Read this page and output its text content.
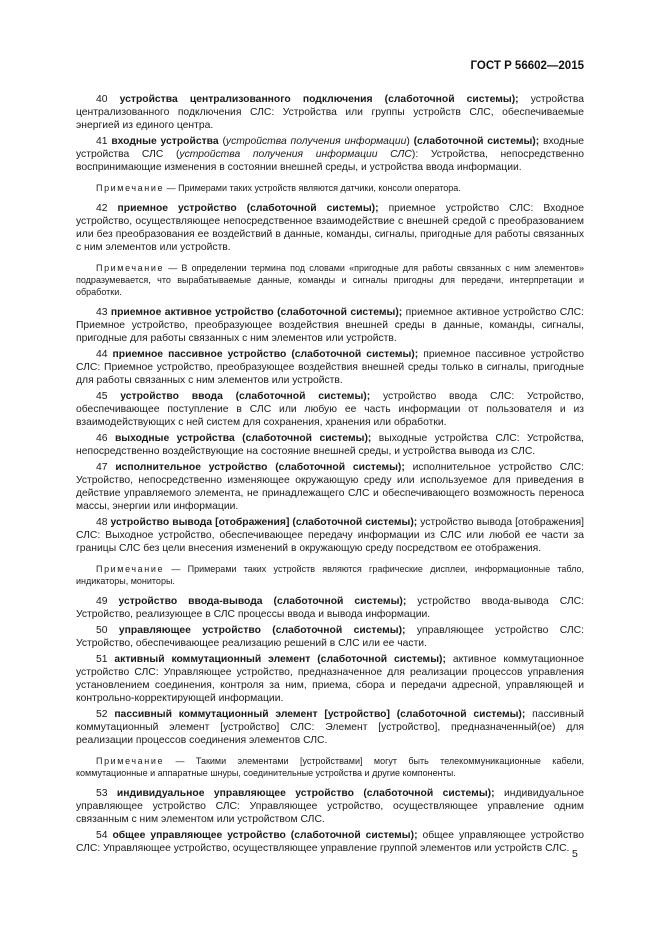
ГОСТ Р 56602—2015

40 устройства централизованного подключения (слаботочной системы); устройства централизованного подключения СЛС: Устройства или группы устройств СЛС, обеспечиваемые энергией из единого центра.

41 входные устройства (устройства получения информации) (слаботочной системы); входные устройства СЛС (устройства получения информации СЛС): Устройства, непосредственно воспринимающие изменения в состоянии внешней среды, и устройства ввода информации.

Примечание — Примерами таких устройств являются датчики, консоли оператора.

42 приемное устройство (слаботочной системы); приемное устройство СЛС: Входное устройство, осуществляющее непосредственное взаимодействие с внешней средой с преобразованием или без преобразования ее воздействий в данные, команды, сигналы, пригодные для работы связанных с ним элементов или устройств.

Примечание — В определении термина под словами «пригодные для работы связанных с ним элементов» подразумевается, что вырабатываемые данные, команды и сигналы пригодны для передачи, интерпретации и обработки.

43 приемное активное устройство (слаботочной системы); приемное активное устройство СЛС: Приемное устройство, преобразующее воздействия внешней среды в данные, команды, сигналы, пригодные для работы связанных с ним элементов или устройств.

44 приемное пассивное устройство (слаботочной системы); приемное пассивное устройство СЛС: Приемное устройство, преобразующее воздействия внешней среды только в сигналы, пригодные для работы связанных с ним элементов или устройств.

45 устройство ввода (слаботочной системы); устройство ввода СЛС: Устройство, обеспечивающее поступление в СЛС или любую ее часть информации от пользователя и из взаимодействующих с ней систем для сохранения, хранения или обработки.

46 выходные устройства (слаботочной системы); выходные устройства СЛС: Устройства, непосредственно воздействующие на состояние внешней среды, и устройства вывода из СЛС.

47 исполнительное устройство (слаботочной системы); исполнительное устройство СЛС: Устройство, непосредственно изменяющее окружающую среду или используемое для приведения в действие управляемого элемента, не принадлежащего СЛС и обеспечивающего возможность переноса массы, энергии или информации.

48 устройство вывода [отображения] (слаботочной системы); устройство вывода [отображения] СЛС: Выходное устройство, обеспечивающее передачу информации из СЛС или любой ее части за границы СЛС без цели внесения изменений в окружающую среду посредством ее отображения.

Примечание — Примерами таких устройств являются графические дисплеи, информационные табло, индикаторы, мониторы.

49 устройство ввода-вывода (слаботочной системы); устройство ввода-вывода СЛС: Устройство, реализующее в СЛС процессы ввода и вывода информации.

50 управляющее устройство (слаботочной системы); управляющее устройство СЛС: Устройство, обеспечивающее реализацию решений в СЛС или ее части.

51 активный коммутационный элемент (слаботочной системы); активное коммутационное устройство СЛС: Управляющее устройство, предназначенное для реализации процессов управления установлением соединения, контроля за ним, приема, сбора и передачи адресной, управляющей и контрольно-корректирующей информации.

52 пассивный коммутационный элемент [устройство] (слаботочной системы); пассивный коммутационный элемент [устройство] СЛС: Элемент [устройство], предназначенный(ое) для реализации процессов соединения элементов СЛС.

Примечание — Такими элементами [устройствами] могут быть телекоммуникационные кабели, коммутационные и аппаратные шнуры, соединительные устройства и другие компоненты.

53 индивидуальное управляющее устройство (слаботочной системы); индивидуальное управляющее устройство СЛС: Управляющее устройство, осуществляющее управление одним связанным с ним элементом или устройством СЛС.

54 общее управляющее устройство (слаботочной системы); общее управляющее устройство СЛС: Управляющее устройство, осуществляющее управление группой элементов или устройств СЛС. 5
